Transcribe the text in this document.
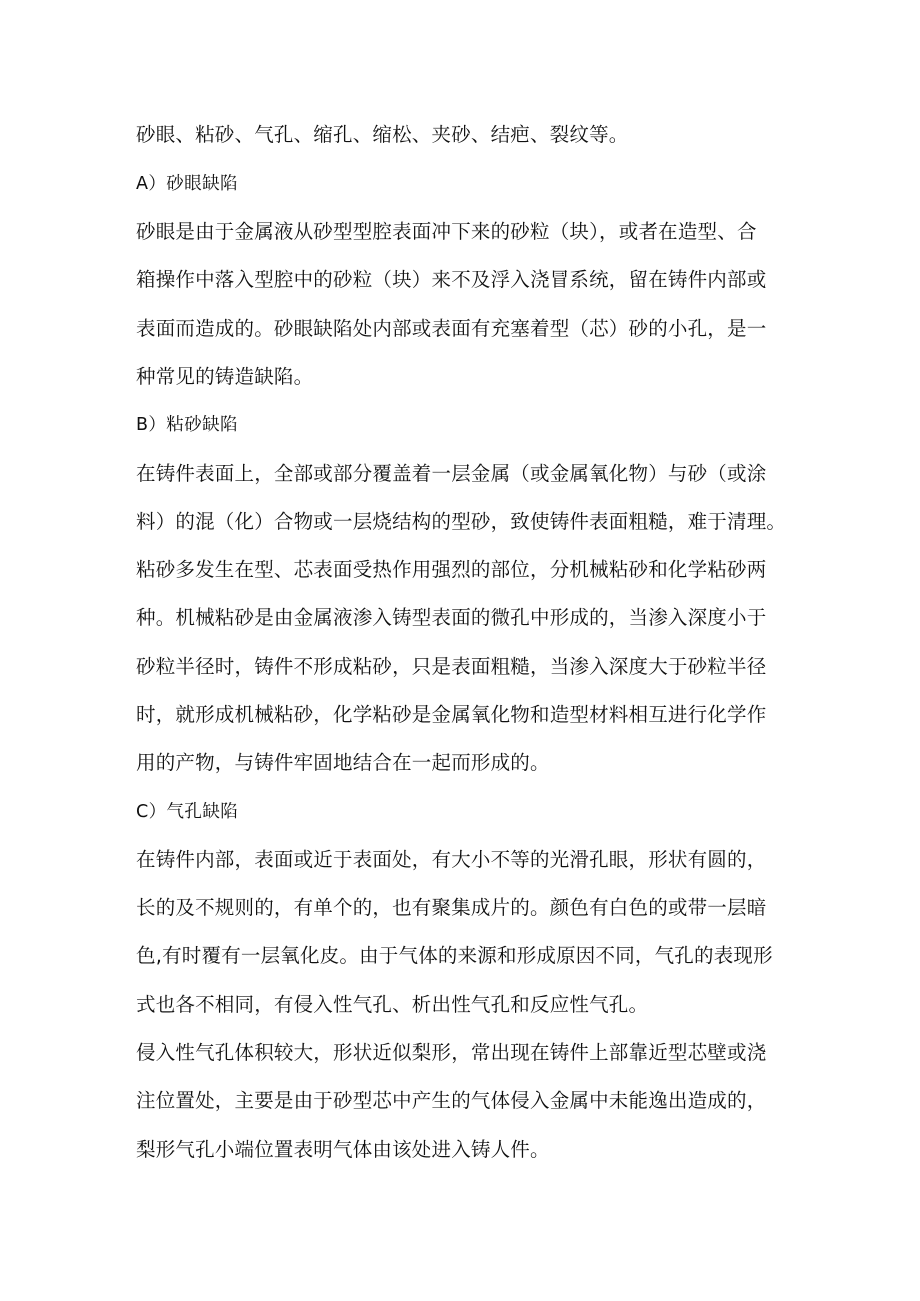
砂眼、粘砂、气孔、缩孔、缩松、夹砂、结疤、裂纹等。
A）砂眼缺陷
砂眼是由于金属液从砂型型腔表面冲下来的砂粒（块），或者在造型、合
箱操作中落入型腔中的砂粒（块）来不及浮入浇冒系统，留在铸件内部或
表面而造成的。砂眼缺陷处内部或表面有充塞着型（芯）砂的小孔，是一
种常见的铸造缺陷。
B）粘砂缺陷
在铸件表面上，全部或部分覆盖着一层金属（或金属氧化物）与砂（或涂
料）的混（化）合物或一层烧结构的型砂，致使铸件表面粗糙，难于清理。
粘砂多发生在型、芯表面受热作用强烈的部位，分机械粘砂和化学粘砂两
种。机械粘砂是由金属液渗入铸型表面的微孔中形成的，当渗入深度小于
砂粒半径时，铸件不形成粘砂，只是表面粗糙，当渗入深度大于砂粒半径
时，就形成机械粘砂，化学粘砂是金属氧化物和造型材料相互进行化学作
用的产物，与铸件牢固地结合在一起而形成的。
C）气孔缺陷
在铸件内部，表面或近于表面处，有大小不等的光滑孔眼，形状有圆的，
长的及不规则的，有单个的，也有聚集成片的。颜色有白色的或带一层暗
色,有时覆有一层氧化皮。由于气体的来源和形成原因不同，气孔的表现形
式也各不相同，有侵入性气孔、析出性气孔和反应性气孔。
侵入性气孔体积较大，形状近似梨形，常出现在铸件上部靠近型芯壁或浇
注位置处，主要是由于砂型芯中产生的气体侵入金属中未能逸出造成的，
梨形气孔小端位置表明气体由该处进入铸人件。
